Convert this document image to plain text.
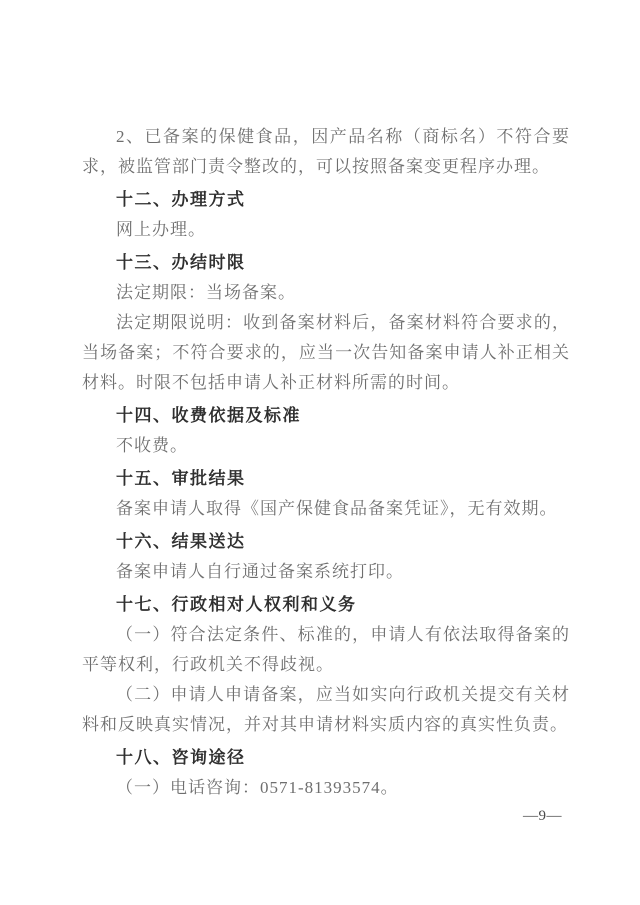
2、已备案的保健食品，因产品名称（商标名）不符合要求，被监管部门责令整改的，可以按照备案变更程序办理。

十二、办理方式

网上办理。

十三、办结时限

法定期限：当场备案。

法定期限说明：收到备案材料后，备案材料符合要求的，当场备案；不符合要求的，应当一次告知备案申请人补正相关材料。时限不包括申请人补正材料所需的时间。

十四、收费依据及标准

不收费。

十五、审批结果

备案申请人取得《国产保健食品备案凭证》，无有效期。

十六、结果送达

备案申请人自行通过备案系统打印。

十七、行政相对人权利和义务

（一）符合法定条件、标准的，申请人有依法取得备案的平等权利，行政机关不得歧视。

（二）申请人申请备案，应当如实向行政机关提交有关材料和反映真实情况，并对其申请材料实质内容的真实性负责。

十八、咨询途径

（一）电话咨询：0571-81393574。

—9—
